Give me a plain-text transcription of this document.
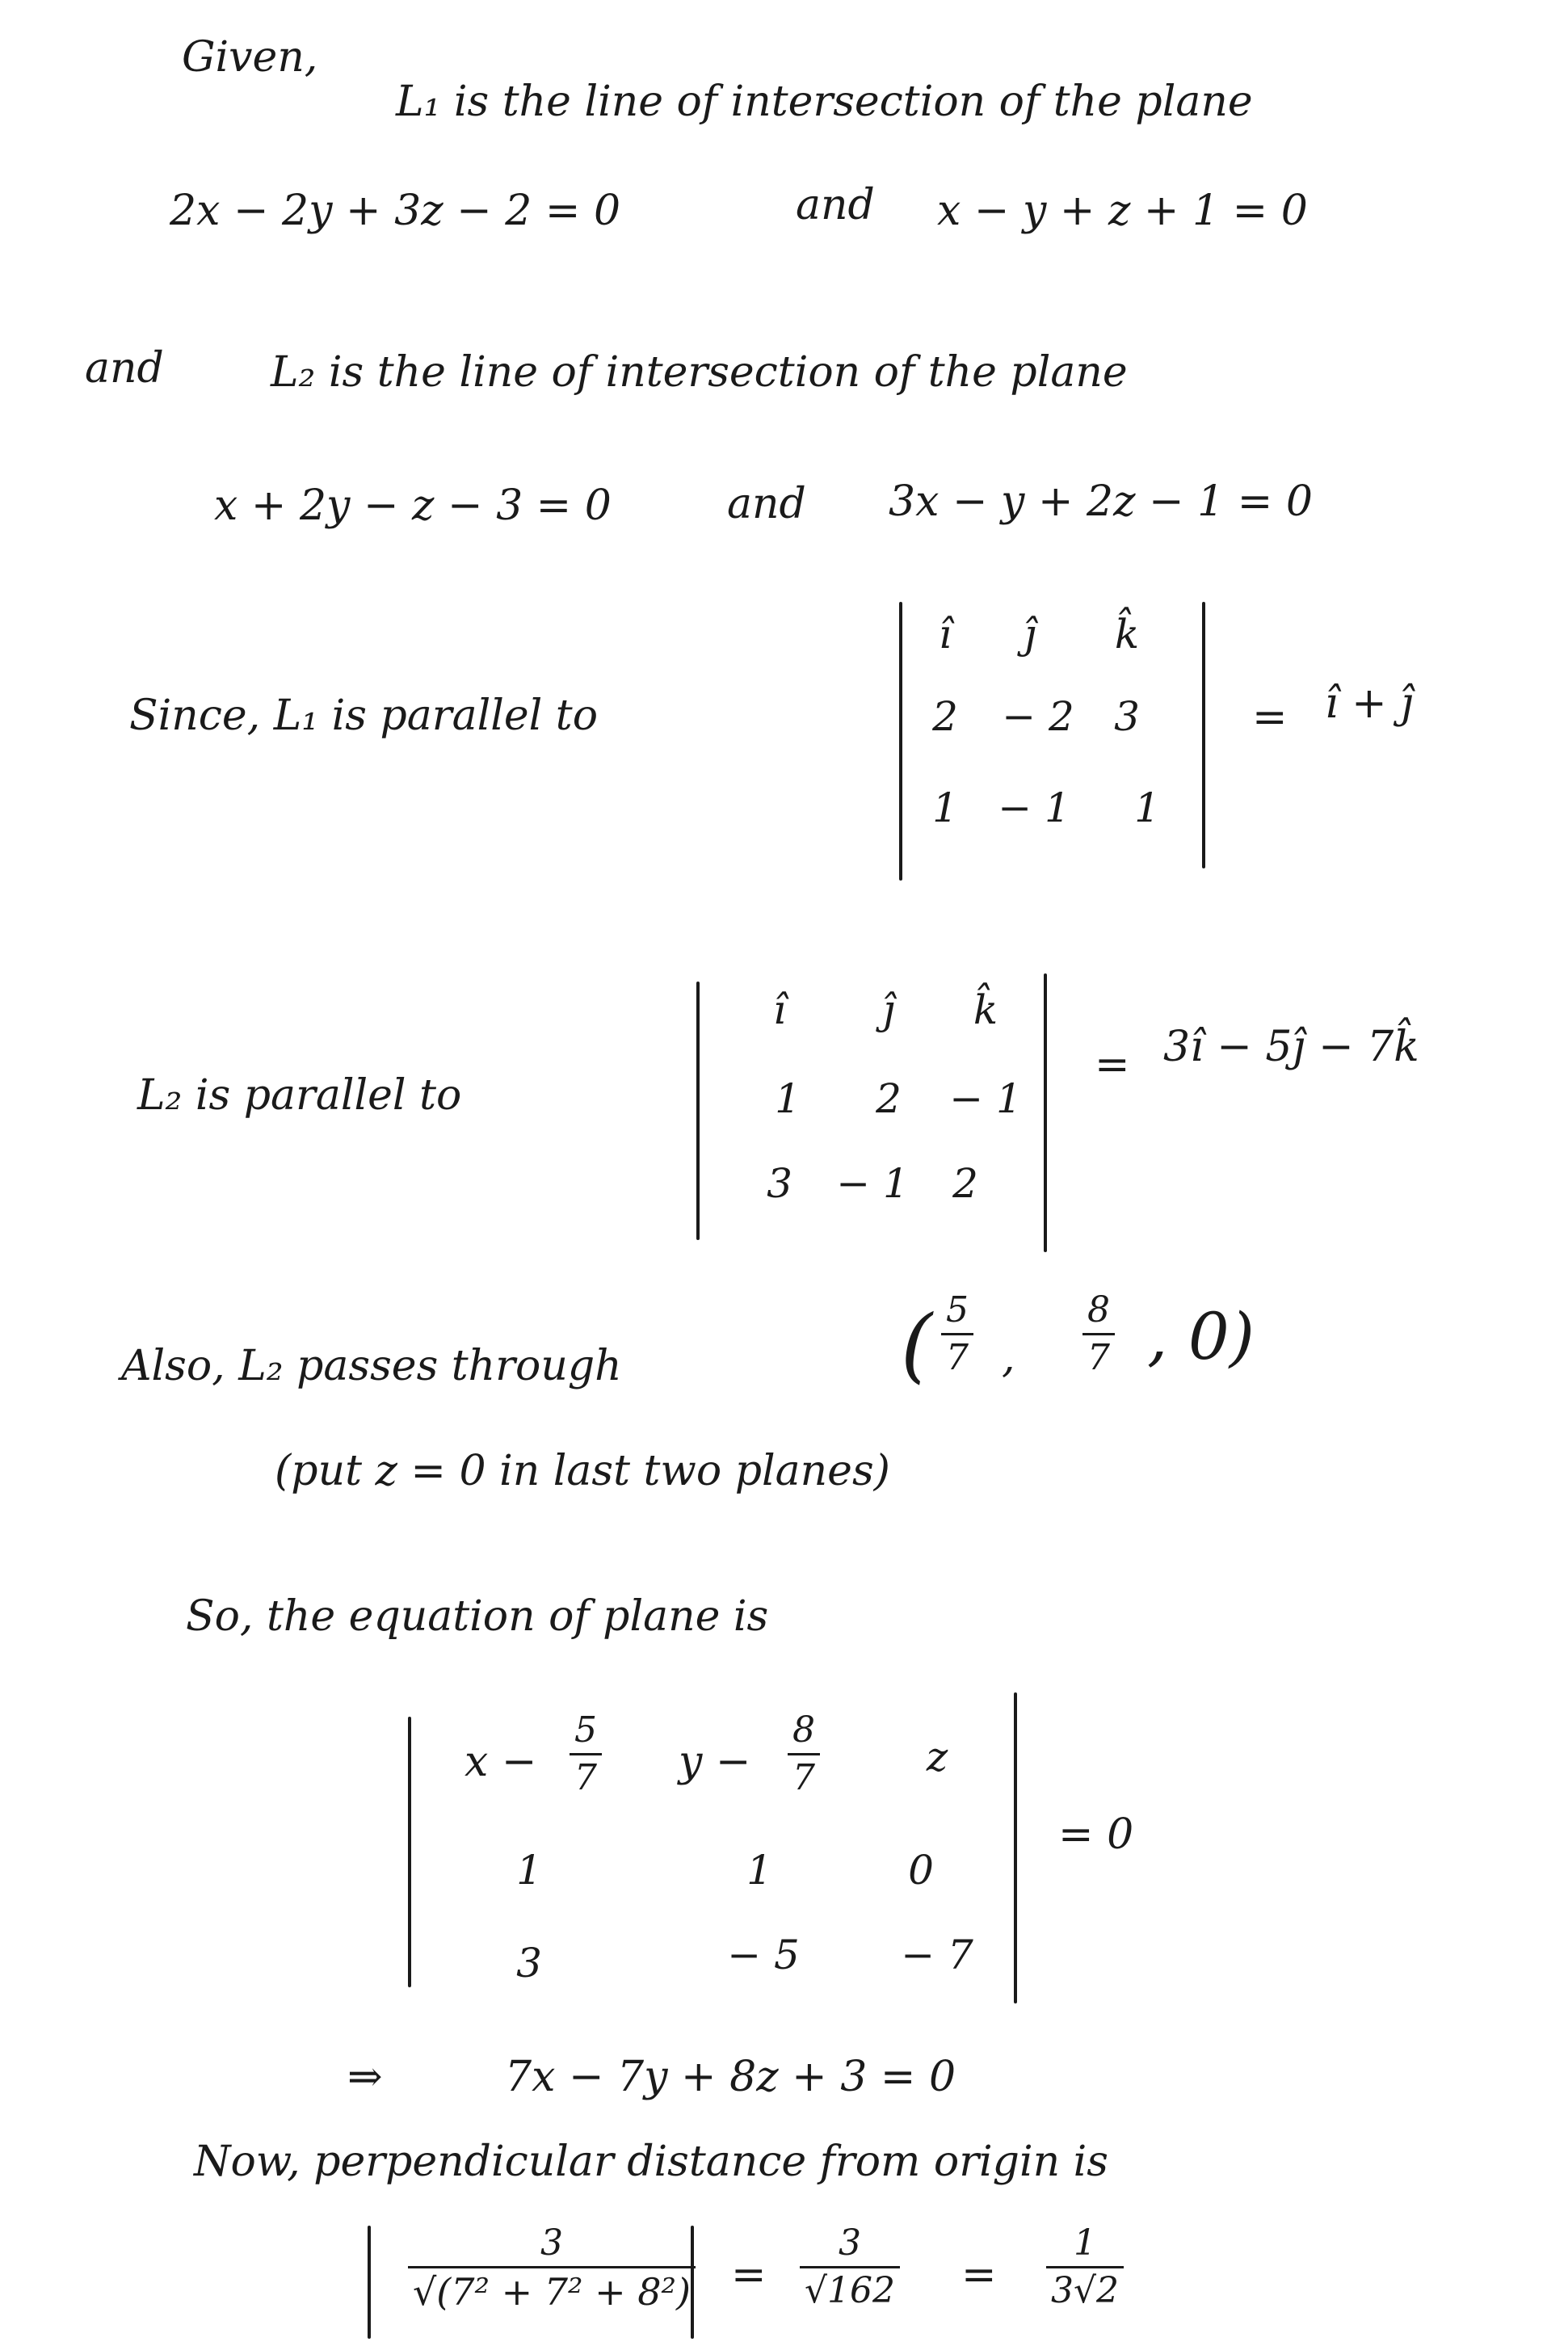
Given,
L₁ is the line of intersection of the plane
2x − 2y + 3z − 2 = 0	and x − y + z + 1 = 0
and	L₂ is the line of intersection of the plane
x + 2y − z − 3 = 0	and 3x − y + 2z − 1 = 0
Since, L₁ is parallel to
î ĵ k̂
2 − 2 3
1 − 1 1
= î + ĵ
L₂ is parallel to
î ĵ k̂
1 2 − 1
3 − 1 2
= 3î − 5ĵ − 7k̂
Also, L₂ passes through	( $\frac{5}{7}$ , $\frac{8}{7}$ , 0)
(put z = 0 in last two planes)
So, the equation of plane is
$x - \frac{5}{7}$ $y - \frac{8}{7}$	z
1	1	0
3	− 5	− 7
= 0
⇒	7x − 7y + 8z + 3 = 0
Now, perpendicular distance from origin is
$\frac{3}{\text{√(7² + 7² + 8²)}} = \frac{3}{√162} = \frac{1}{3√2}$
